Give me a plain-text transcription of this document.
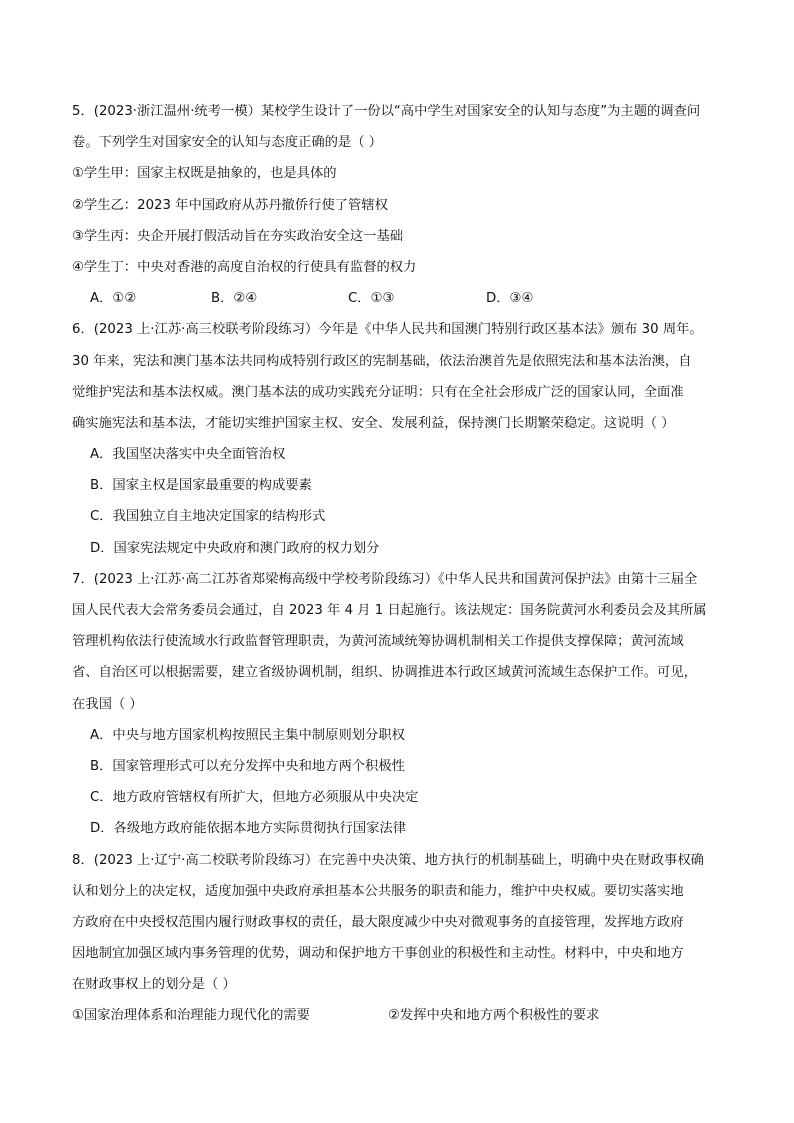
5．(2023·浙江温州·统考一模）某校学生设计了一份以“高中学生对国家安全的认知与态度”为主题的调查问
卷。下列学生对国家安全的认知与态度正确的是（ ）
①学生甲：国家主权既是抽象的，也是具体的
②学生乙：2023 年中国政府从苏丹撤侨行使了管辖权
③学生丙：央企开展打假活动旨在夯实政治安全这一基础
④学生丁：中央对香港的高度自治权的行使具有监督的权力
A．①②	B．②④	C．①③	D．③④
6．(2023 上·江苏·高三校联考阶段练习）今年是《中华人民共和国澳门特别行政区基本法》颁布 30 周年。
30 年来，宪法和澳门基本法共同构成特别行政区的宪制基础，依法治澳首先是依照宪法和基本法治澳，自
觉维护宪法和基本法权威。澳门基本法的成功实践充分证明：只有在全社会形成广泛的国家认同，全面准
确实施宪法和基本法，才能切实维护国家主权、安全、发展利益，保持澳门长期繁荣稳定。这说明（ ）
A．我国坚决落实中央全面管治权
B．国家主权是国家最重要的构成要素
C．我国独立自主地决定国家的结构形式
D．国家宪法规定中央政府和澳门政府的权力划分
7．(2023 上·江苏·高二江苏省郑梁梅高级中学校考阶段练习）《中华人民共和国黄河保护法》由第十三届全
国人民代表大会常务委员会通过，自 2023 年 4 月 1 日起施行。该法规定：国务院黄河水利委员会及其所属
管理机构依法行使流域水行政监督管理职责，为黄河流域统筹协调机制相关工作提供支撑保障；黄河流域
省、自治区可以根据需要，建立省级协调机制，组织、协调推进本行政区域黄河流域生态保护工作。可见，
在我国（ ）
A．中央与地方国家机构按照民主集中制原则划分职权
B．国家管理形式可以充分发挥中央和地方两个积极性
C．地方政府管辖权有所扩大，但地方必须服从中央决定
D．各级地方政府能依据本地方实际贯彻执行国家法律
8．(2023 上·辽宁·高二校联考阶段练习）在完善中央决策、地方执行的机制基础上，明确中央在财政事权确
认和划分上的决定权，适度加强中央政府承担基本公共服务的职责和能力，维护中央权威。要切实落实地
方政府在中央授权范围内履行财政事权的责任，最大限度减少中央对微观事务的直接管理，发挥地方政府
因地制宜加强区域内事务管理的优势，调动和保护地方干事创业的积极性和主动性。材料中，中央和地方
在财政事权上的划分是（ ）
①国家治理体系和治理能力现代化的需要	②发挥中央和地方两个积极性的要求
